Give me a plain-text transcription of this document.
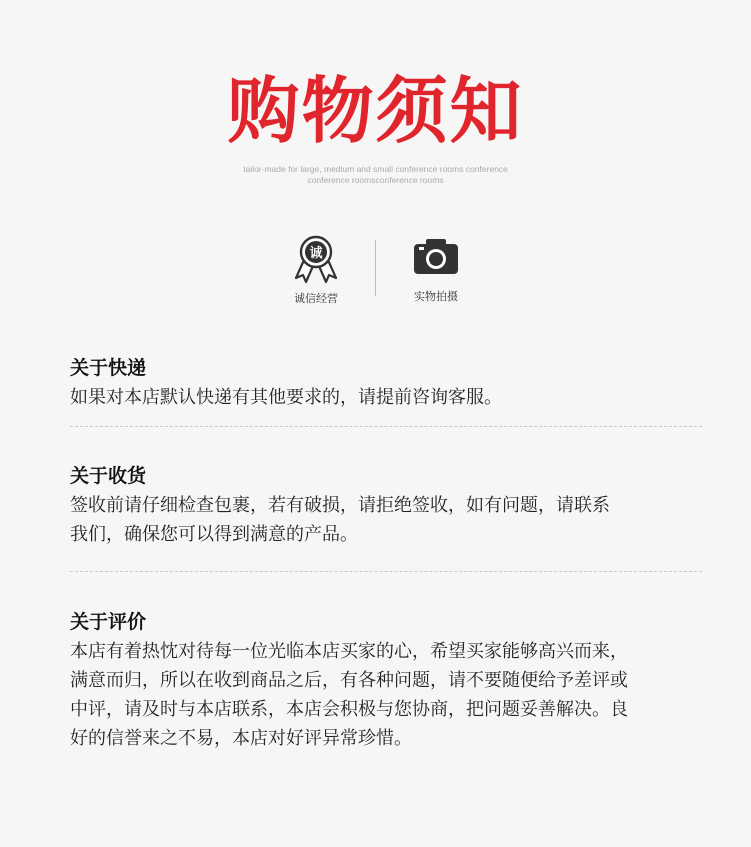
购物须知
tailor-made for large, medium and small conference rooms conference
conference roomsconference rooms
诚
诚信经营	实物拍摄
关于快递
如果对本店默认快递有其他要求的，请提前咨询客服。
关于收货
签收前请仔细检查包裹，若有破损，请拒绝签收，如有问题，请联系
我们，确保您可以得到满意的产品。
关于评价
本店有着热忱对待每一位光临本店买家的心，希望买家能够高兴而来，
满意而归，所以在收到商品之后，有各种问题，请不要随便给予差评或
中评，请及时与本店联系，本店会积极与您协商，把问题妥善解决。良
好的信誉来之不易，本店对好评异常珍惜。
